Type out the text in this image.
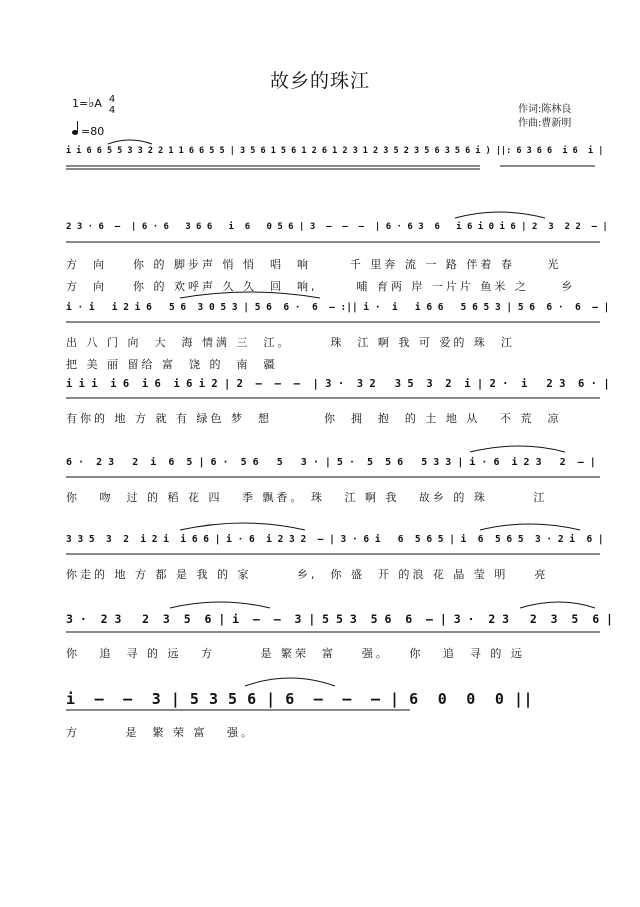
故乡的珠江
1=♭A 4
4
=80
作词:陈林良
作曲:曹新明
i i 6 6 5 5 3 3 2 2 1 1 6 6 5 5 | 3 5 6 1 5 6 1 2 6 1 2 3 1 2 3 5 2 3 5 6 3 5 6 i ) ||: 6 3 6 6  i 6  i |
2 3 · 6  –  | 6 · 6   3 6 6   i  6   0 5 6 | 3  –  –  –  | 6 · 6 3  6   i 6 i 0 i 6 | 2  3  2 2  – |
方  向    你 的 脚步声 悄 悄  唱  响      千 里奔 流 一 路 伴着 春     光
方  向    你 的 欢呼声 久 久  回  响,      哺 育两 岸 一片片 鱼米 之     乡
i · i   i 2 i 6   5 6  3 0 5 3 | 5 6  6 ·  6  – :|| i ·  i   i 6 6   5 6 5 3 | 5 6  6 ·  6  – |
出 八 门 向  大  海 情满 三  江。      珠  江 啊 我 可 爱的 珠  江
把 美 丽 留给 富  饶 的  南  疆
i i i  i 6  i 6  i 6 i 2 | 2  –  –  –  | 3 ·  3 2   3 5  3  2  i | 2 ·  i   2 3  6 · |
有你的 地 方 就 有 绿色 梦  想        你  拥  抱  的 土 地 从   不 荒  凉
6 ·  2 3   2  i  6  5 | 6 ·  5 6   5   3 · | 5 ·  5  5 6   5 3 3 | i · 6  i 2 3   2  – |
你   吻  过 的 稻 花 四   季 飘香。 珠   江 啊 我   故乡 的 珠       江
3 3 5  3  2  i 2 i  i 6 6 | i · 6  i 2 3 2  – | 3 · 6 i   6  5 6 5 | i  6  5 6 5  3 · 2 i  6 |
你走的 地 方 都 是 我 的 家       乡,  你 盛  开 的浪 花 晶 莹 明    亮
3 ·  2 3   2  3  5  6 | i  –  –  3 | 5 5 3  5 6  6  – | 3 ·  2 3   2  3  5  6 |
你   追  寻 的 远   方       是 繁荣  富    强。   你   追  寻 的 远
i  –  –  3 | 5 3 5 6 | 6  –  –  – | 6  0  0  0 ||
方       是  繁 荣 富   强。
